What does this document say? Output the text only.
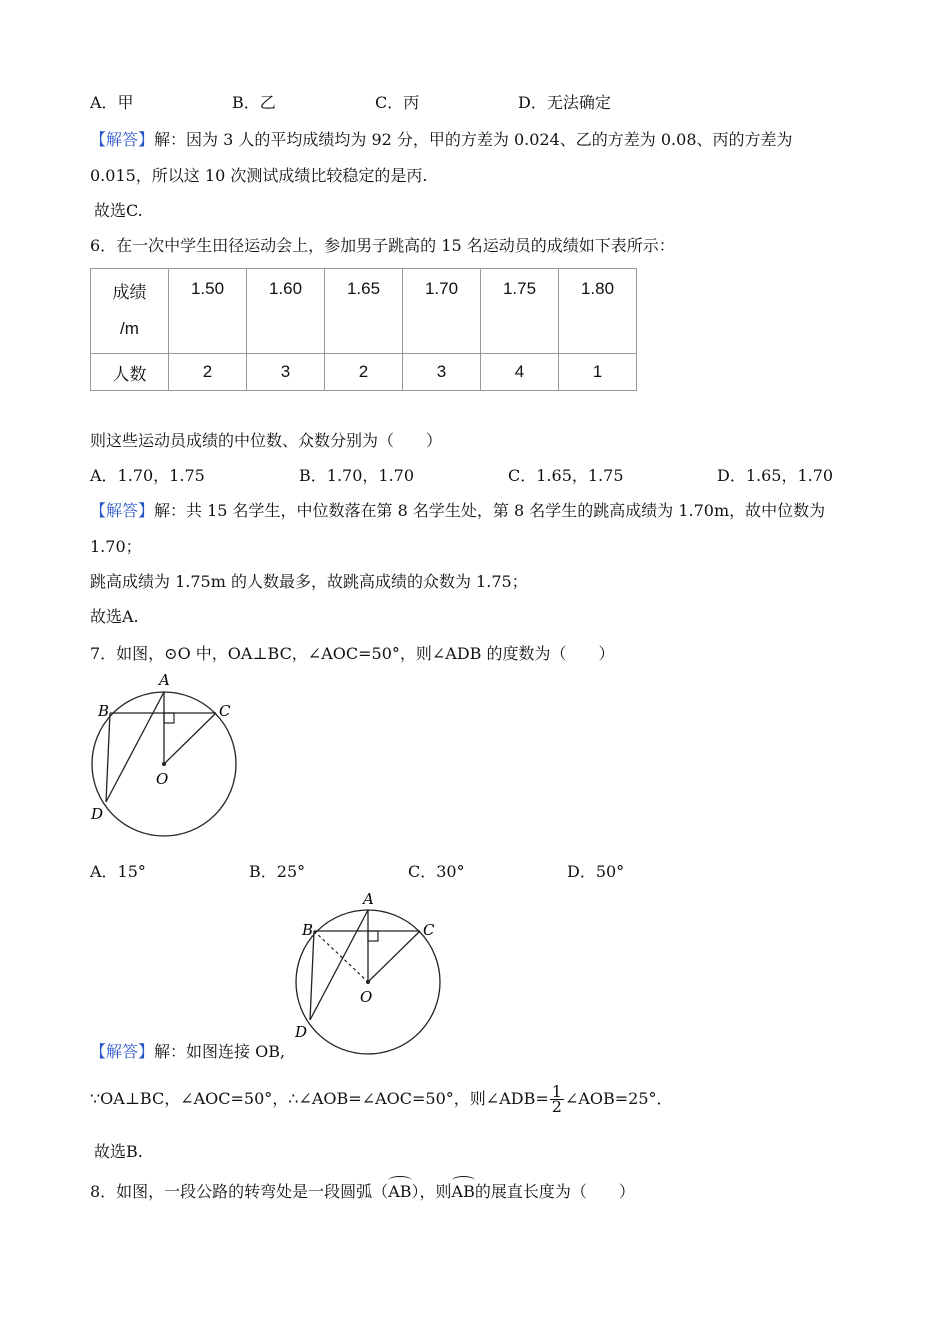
A．甲	B．乙	C．丙	D．无法确定
【解答】解：因为 3 人的平均成绩均为 92 分，甲的方差为 0.024、乙的方差为 0.08、丙的方差为
0.015，所以这 10 次测试成绩比较稳定的是丙.
故选C.
6．在一次中学生田径运动会上，参加男子跳高的 15 名运动员的成绩如下表所示：
成绩
/m	1.50	1.60	1.65	1.70	1.75	1.80
人数	2	3	2	3	4	1
则这些运动员成绩的中位数、众数分别为（　　）
A．1.70，1.75	B．1.70，1.70	C．1.65，1.75	D．1.65，1.70
【解答】解：共 15 名学生，中位数落在第 8 名学生处，第 8 名学生的跳高成绩为 1.70m，故中位数为
1.70；
跳高成绩为 1.75m 的人数最多，故跳高成绩的众数为 1.75；
故选A.
7．如图，⊙O 中，OA⊥BC，∠AOC=50°，则∠ADB 的度数为（　　）
A
B	C
O
D
A．15°	B．25°	C．30°	D．50°
A
B	C
O
D
【解答】解：如图连接 OB,
∵OA⊥BC，∠AOC=50°，∴∠AOB=∠AOC=50°，则∠ADB= $\frac{1}{2}$ ∠AOB=25°．
故选B.
8．如图，一段公路的转弯处是一段圆弧（AB），则AB的展直长度为（　　）
